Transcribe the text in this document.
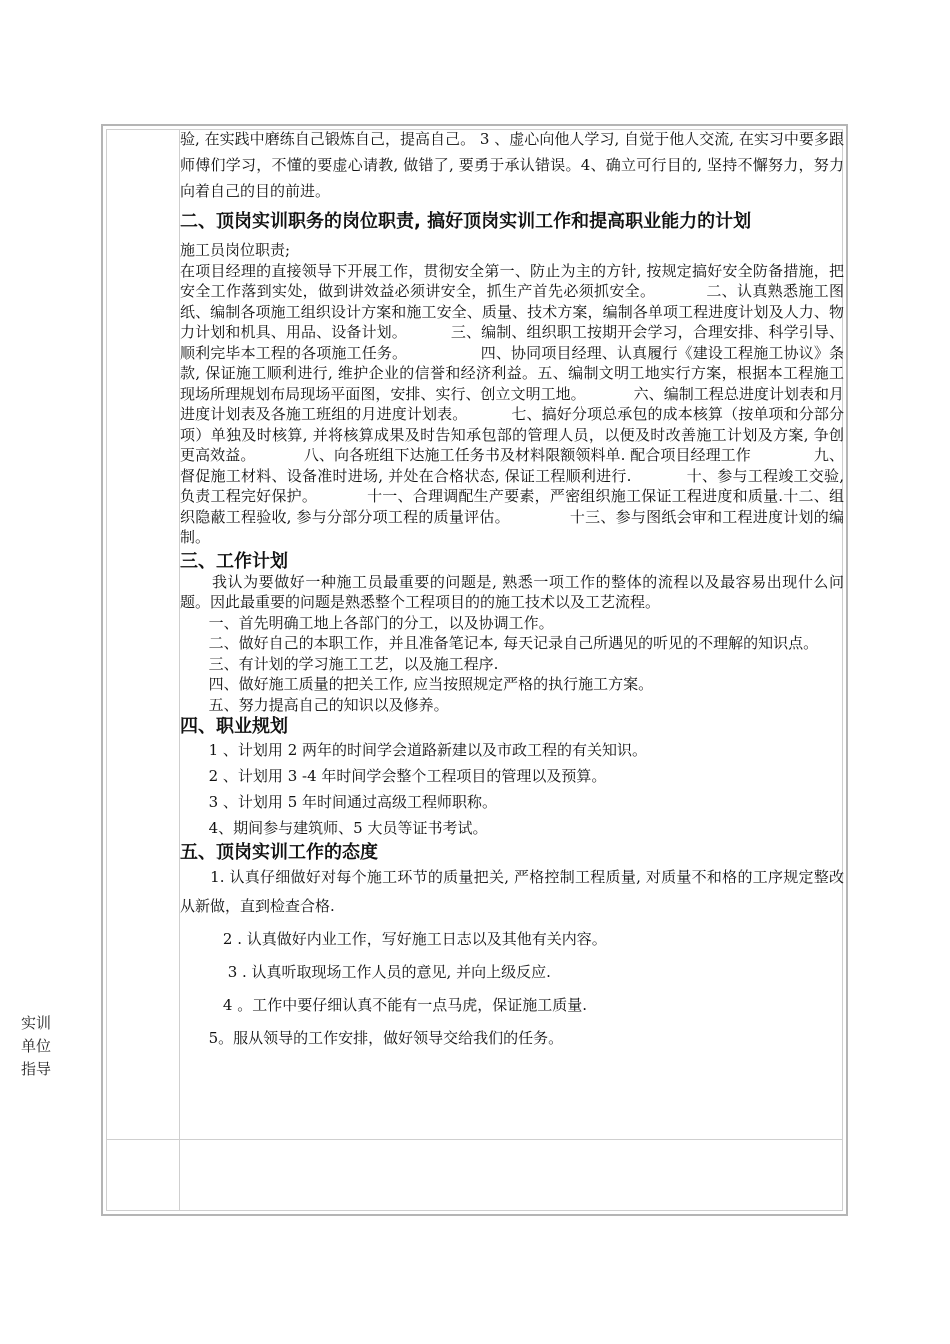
实训
单位
指导

验, 在实践中磨练自己锻炼自己，提高自己。 3 、虚心向他人学习, 自觉于他人交流, 在实习中要多跟师傅们学习，不懂的要虚心请教, 做错了, 要勇于承认错误。4、确立可行目的, 坚持不懈努力，努力向着自己的目的前进。

二、顶岗实训职务的岗位职责, 搞好顶岗实训工作和提高职业能力的计划

施工员岗位职责;
在项目经理的直接领导下开展工作，贯彻安全第一、防止为主的方针, 按规定搞好安全防备措施，把安全工作落到实处，做到讲效益必须讲安全，抓生产首先必须抓安全。          二、认真熟悉施工图纸、编制各项施工组织设计方案和施工安全、质量、技术方案，编制各单项工程进度计划及人力、物力计划和机具、用品、设备计划。         三、编制、组织职工按期开会学习，合理安排、科学引导、顺利完毕本工程的各项施工任务。               四、协同项目经理、认真履行《建设工程施工协议》条款, 保证施工顺利进行, 维护企业的信誉和经济利益。五、编制文明工地实行方案，根据本工程施工现场所理规划布局现场平面图，安排、实行、创立文明工地。          六、编制工程总进度计划表和月进度计划表及各施工班组的月进度计划表。         七、搞好分项总承包的成本核算（按单项和分部分项）单独及时核算, 并将核算成果及时告知承包部的管理人员，以便及时改善施工计划及方案, 争创更高效益。          八、向各班组下达施工任务书及材料限额领料单. 配合项目经理工作             九、督促施工材料、设备准时进场, 并处在合格状态, 保证工程顺利进行.           十、参与工程竣工交验, 负责工程完好保护。          十一、合理调配生产要素，严密组织施工保证工程进度和质量.十二、组织隐蔽工程验收, 参与分部分项工程的质量评估。            十三、参与图纸会审和工程进度计划的编制。

三、工作计划

我认为要做好一种施工员最重要的问题是, 熟悉一项工作的整体的流程以及最容易出现什么问题。因此最重要的问题是熟悉整个工程项目的的施工技术以及工艺流程。

一、首先明确工地上各部门的分工，以及协调工作。

二、做好自己的本职工作，并且准备笔记本, 每天记录自己所遇见的听见的不理解的知识点。

三、有计划的学习施工工艺，以及施工程序.

四、做好施工质量的把关工作, 应当按照规定严格的执行施工方案。

五、努力提高自己的知识以及修养。

四、职业规划

1 、计划用 2 两年的时间学会道路新建以及市政工程的有关知识。

2 、计划用 3 -4 年时间学会整个工程项目的管理以及预算。

3 、计划用 5 年时间通过高级工程师职称。

4、期间参与建筑师、5 大员等证书考试。

五、顶岗实训工作的态度

1. 认真仔细做好对每个施工环节的质量把关, 严格控制工程质量, 对质量不和格的工序规定整改从新做，直到检查合格.

2 . 认真做好内业工作，写好施工日志以及其他有关内容。

3 . 认真听取现场工作人员的意见, 并向上级反应.

4 。工作中要仔细认真不能有一点马虎，保证施工质量.

5。服从领导的工作安排，做好领导交给我们的任务。
